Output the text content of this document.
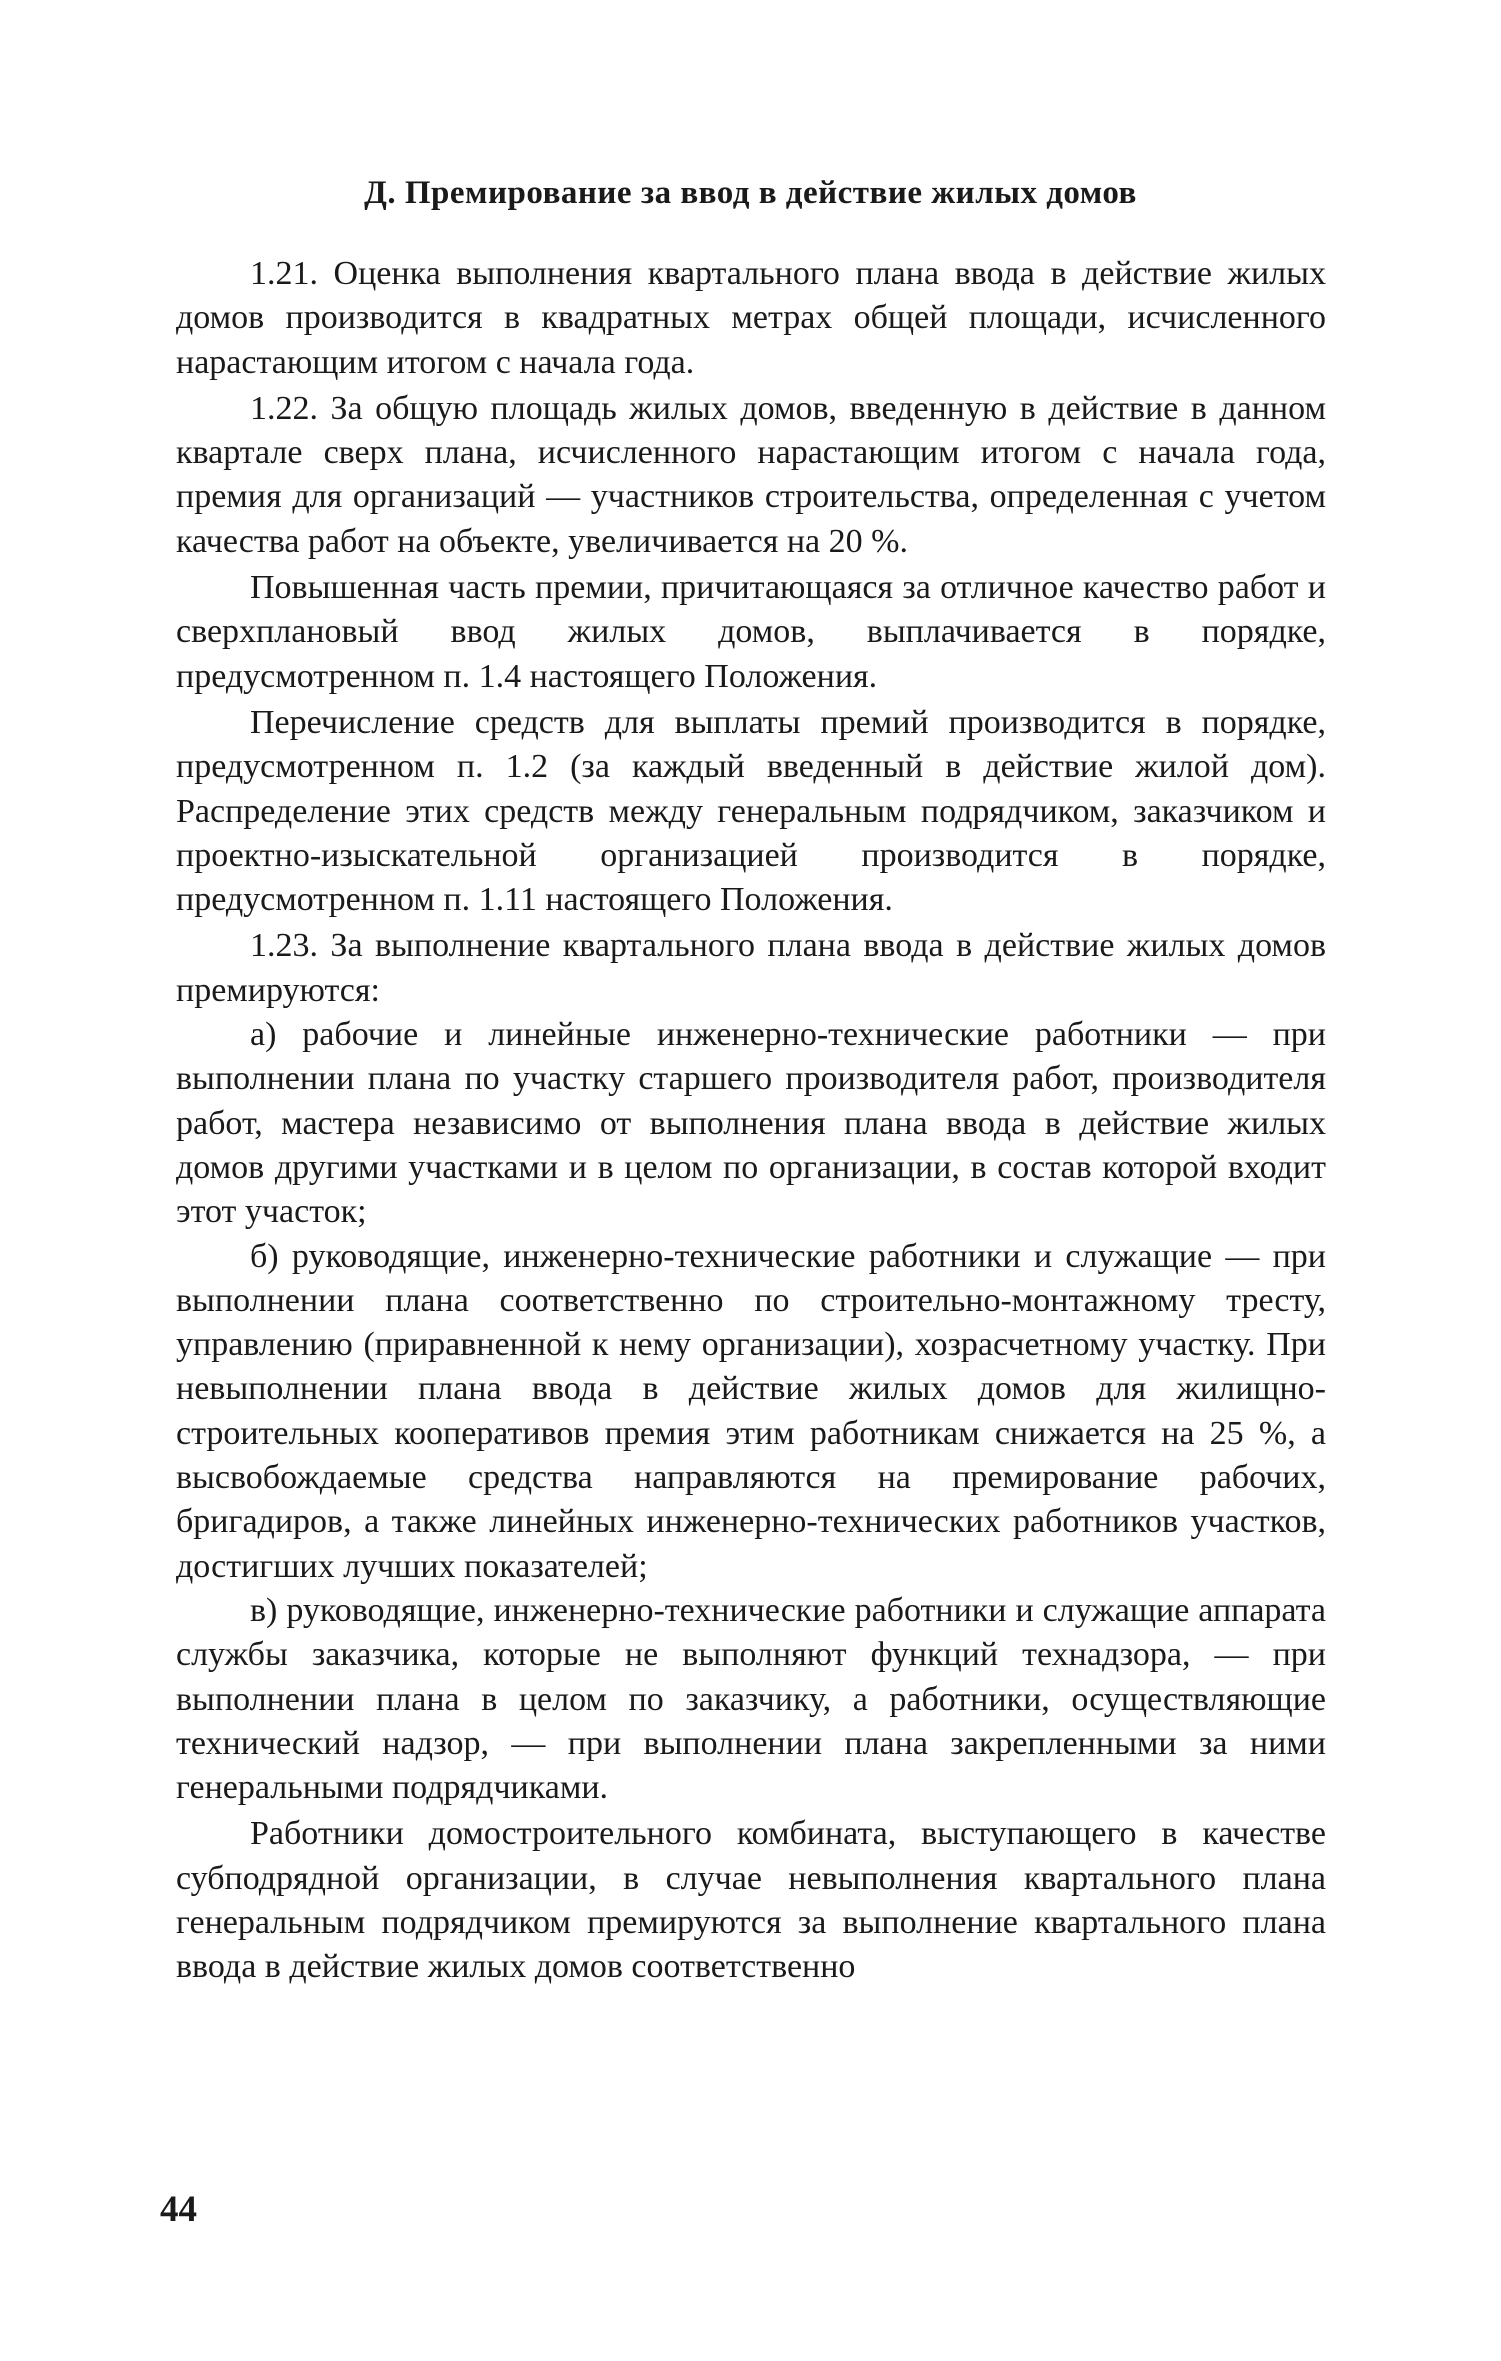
Д. Премирование за ввод в действие жилых домов

1.21. Оценка выполнения квартального плана ввода в действие жилых домов производится в квадратных метрах общей площади, исчисленного нарастающим итогом с начала года.

1.22. За общую площадь жилых домов, введенную в действие в данном квартале сверх плана, исчисленного нарастающим итогом с начала года, премия для организаций — участников строительства, определенная с учетом качества работ на объекте, увеличивается на 20 %.

Повышенная часть премии, причитающаяся за отличное качество работ и сверхплановый ввод жилых домов, выплачивается в порядке, предусмотренном п. 1.4 настоящего Положения.

Перечисление средств для выплаты премий производится в порядке, предусмотренном п. 1.2 (за каждый введенный в действие жилой дом). Распределение этих средств между генеральным подрядчиком, заказчиком и проектно-изыскательной организацией производится в порядке, предусмотренном п. 1.11 настоящего Положения.

1.23. За выполнение квартального плана ввода в действие жилых домов премируются:

а) рабочие и линейные инженерно-технические работники — при выполнении плана по участку старшего производителя работ, производителя работ, мастера независимо от выполнения плана ввода в действие жилых домов другими участками и в целом по организации, в состав которой входит этот участок;

б) руководящие, инженерно-технические работники и служащие — при выполнении плана соответственно по строительно-монтажному тресту, управлению (приравненной к нему организации), хозрасчетному участку. При невыполнении плана ввода в действие жилых домов для жилищно-строительных кооперативов премия этим работникам снижается на 25 %, а высвобождаемые средства направляются на премирование рабочих, бригадиров, а также линейных инженерно-технических работников участков, достигших лучших показателей;

в) руководящие, инженерно-технические работники и служащие аппарата службы заказчика, которые не выполняют функций технадзора, — при выполнении плана в целом по заказчику, а работники, осуществляющие технический надзор, — при выполнении плана закрепленными за ними генеральными подрядчиками.

Работники домостроительного комбината, выступающего в качестве субподрядной организации, в случае невыполнения квартального плана генеральным подрядчиком премируются за выполнение квартального плана ввода в действие жилых домов соответственно

44
